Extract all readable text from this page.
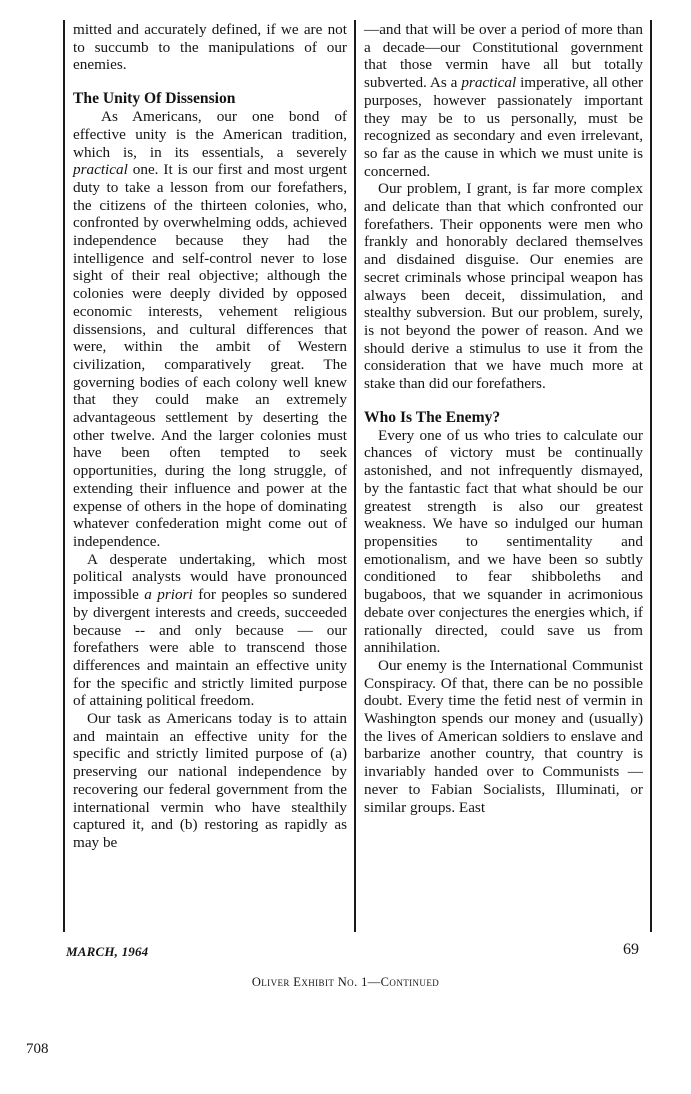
mitted and accurately defined, if we are not to succumb to the manipulations of our enemies.

The Unity Of Dissension

As Americans, our one bond of effective unity is the American tradition, which is, in its essentials, a severely practical one. It is our first and most urgent duty to take a lesson from our forefathers, the citizens of the thirteen colonies, who, confronted by overwhelming odds, achieved independence because they had the intelligence and self-control never to lose sight of their real objective; although the colonies were deeply divided by opposed economic interests, vehement religious dissensions, and cultural differences that were, within the ambit of Western civilization, comparatively great. The governing bodies of each colony well knew that they could make an extremely advantageous settlement by deserting the other twelve. And the larger colonies must have been often tempted to seek opportunities, during the long struggle, of extending their influence and power at the expense of others in the hope of dominating whatever confederation might come out of independence.

A desperate undertaking, which most political analysts would have pronounced impossible a priori for peoples so sundered by divergent interests and creeds, succeeded because -- and only because — our forefathers were able to transcend those differences and maintain an effective unity for the specific and strictly limited purpose of attaining political freedom.

Our task as Americans today is to attain and maintain an effective unity for the specific and strictly limited purpose of (a) preserving our national independence by recovering our federal government from the international vermin who have stealthily captured it, and (b) restoring as rapidly as may be

—and that will be over a period of more than a decade—our Constitutional government that those vermin have all but totally subverted. As a practical imperative, all other purposes, however passionately important they may be to us personally, must be recognized as secondary and even irrelevant, so far as the cause in which we must unite is concerned.

Our problem, I grant, is far more complex and delicate than that which confronted our forefathers. Their opponents were men who frankly and honorably declared themselves and disdained disguise. Our enemies are secret criminals whose principal weapon has always been deceit, dissimulation, and stealthy subversion. But our problem, surely, is not beyond the power of reason. And we should derive a stimulus to use it from the consideration that we have much more at stake than did our forefathers.

Who Is The Enemy?

Every one of us who tries to calculate our chances of victory must be continually astonished, and not infrequently dismayed, by the fantastic fact that what should be our greatest strength is also our greatest weakness. We have so indulged our human propensities to sentimentality and emotionalism, and we have been so subtly conditioned to fear shibboleths and bugaboos, that we squander in acrimonious debate over conjectures the energies which, if rationally directed, could save us from annihilation.

Our enemy is the International Communist Conspiracy. Of that, there can be no possible doubt. Every time the fetid nest of vermin in Washington spends our money and (usually) the lives of American soldiers to enslave and barbarize another country, that country is invariably handed over to Communists — never to Fabian Socialists, Illuminati, or similar groups. East

MARCH, 1964	69
Oliver Exhibit No. 1—Continued
708
